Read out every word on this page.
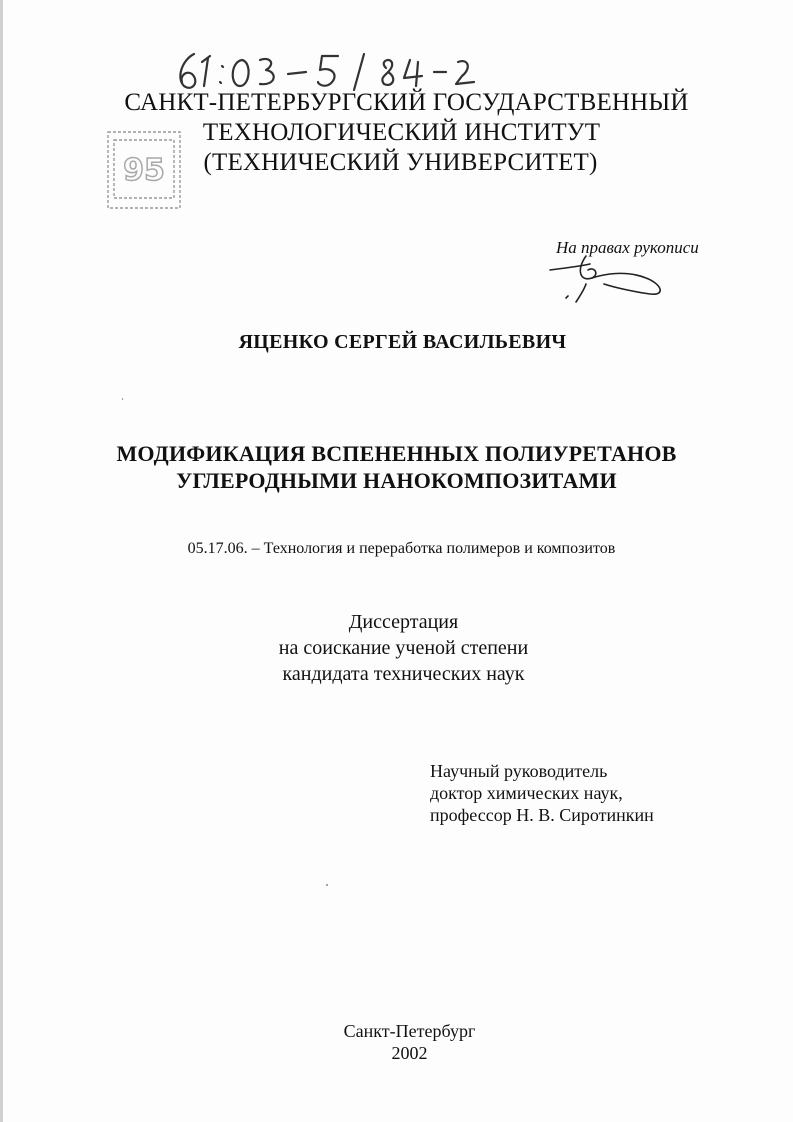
95
САНКТ-ПЕТЕРБУРГСКИЙ ГОСУДАРСТВЕННЫЙ
ТЕХНОЛОГИЧЕСКИЙ ИНСТИТУТ
(ТЕХНИЧЕСКИЙ УНИВЕРСИТЕТ)
На правах рукописи
ЯЦЕНКО СЕРГЕЙ ВАСИЛЬЕВИЧ
МОДИФИКАЦИЯ ВСПЕНЕННЫХ ПОЛИУРЕТАНОВ
УГЛЕРОДНЫМИ НАНОКОМПОЗИТАМИ
05.17.06. – Технология и переработка полимеров и композитов
Диссертация
на соискание ученой степени
кандидата технических наук
Научный руководитель
доктор химических наук,
профессор Н. В. Сиротинкин
Санкт-Петербург
2002
